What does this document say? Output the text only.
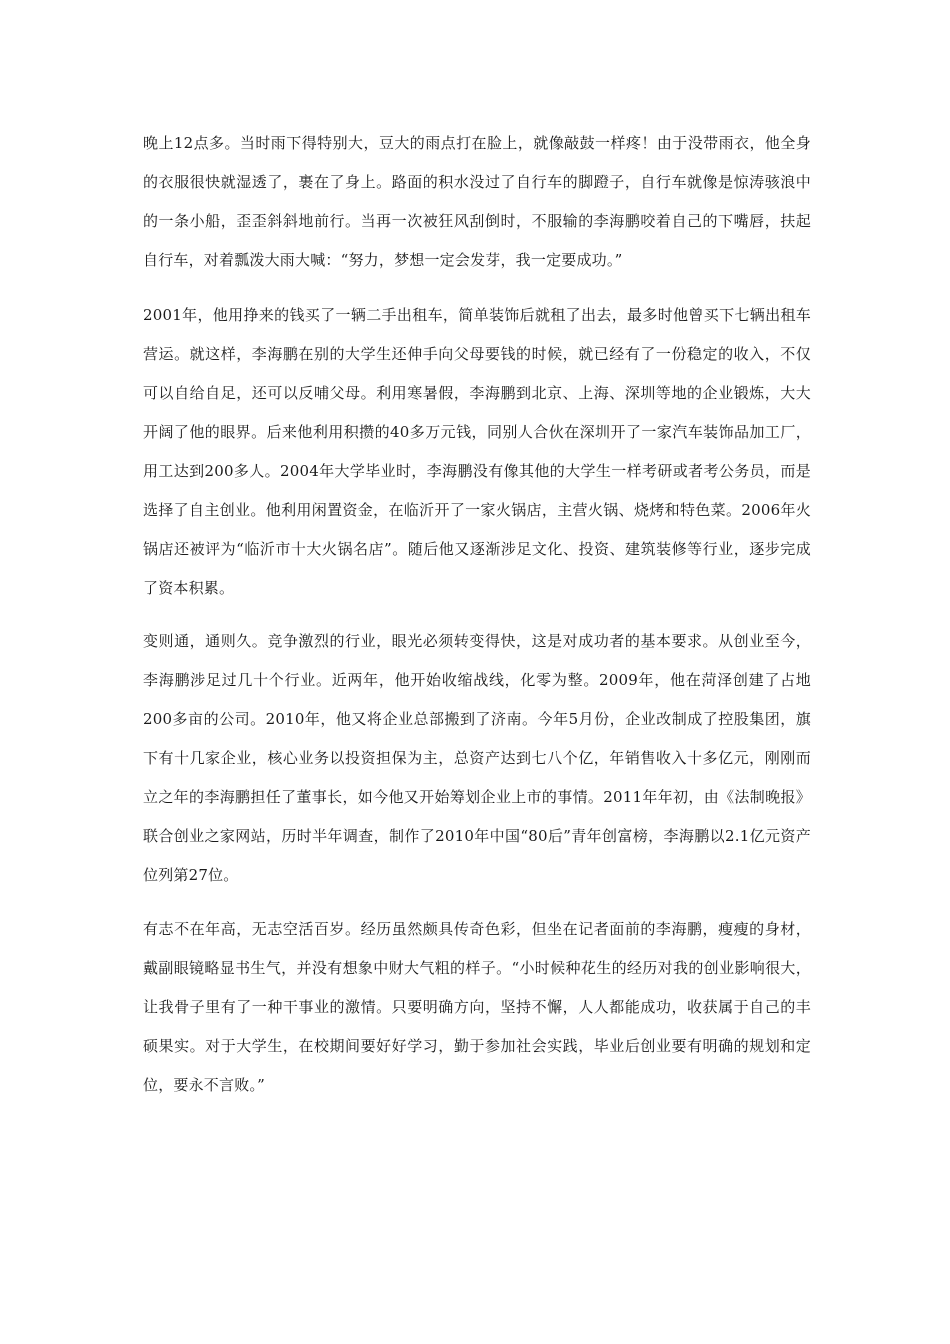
晚上12点多。当时雨下得特别大，豆大的雨点打在脸上，就像敲鼓一样疼！由于没带雨衣，他全身的衣服很快就湿透了，裹在了身上。路面的积水没过了自行车的脚蹬子，自行车就像是惊涛骇浪中的一条小船，歪歪斜斜地前行。当再一次被狂风刮倒时，不服输的李海鹏咬着自己的下嘴唇，扶起自行车，对着瓢泼大雨大喊：“努力，梦想一定会发芽，我一定要成功。”

2001年，他用挣来的钱买了一辆二手出租车，简单装饰后就租了出去，最多时他曾买下七辆出租车营运。就这样，李海鹏在别的大学生还伸手向父母要钱的时候，就已经有了一份稳定的收入，不仅可以自给自足，还可以反哺父母。利用寒暑假，李海鹏到北京、上海、深圳等地的企业锻炼，大大开阔了他的眼界。后来他利用积攒的40多万元钱，同别人合伙在深圳开了一家汽车装饰品加工厂，用工达到200多人。2004年大学毕业时，李海鹏没有像其他的大学生一样考研或者考公务员，而是选择了自主创业。他利用闲置资金，在临沂开了一家火锅店，主营火锅、烧烤和特色菜。2006年火锅店还被评为“临沂市十大火锅名店”。随后他又逐渐涉足文化、投资、建筑装修等行业，逐步完成了资本积累。

变则通，通则久。竞争激烈的行业，眼光必须转变得快，这是对成功者的基本要求。从创业至今，李海鹏涉足过几十个行业。近两年，他开始收缩战线，化零为整。2009年，他在菏泽创建了占地200多亩的公司。2010年，他又将企业总部搬到了济南。今年5月份，企业改制成了控股集团，旗下有十几家企业，核心业务以投资担保为主，总资产达到七八个亿，年销售收入十多亿元，刚刚而立之年的李海鹏担任了董事长，如今他又开始筹划企业上市的事情。2011年年初，由《法制晚报》联合创业之家网站，历时半年调查，制作了2010年中国“80后”青年创富榜，李海鹏以2.1亿元资产位列第27位。

有志不在年高，无志空活百岁。经历虽然颇具传奇色彩，但坐在记者面前的李海鹏，瘦瘦的身材，戴副眼镜略显书生气，并没有想象中财大气粗的样子。“小时候种花生的经历对我的创业影响很大，让我骨子里有了一种干事业的激情。只要明确方向，坚持不懈，人人都能成功，收获属于自己的丰硕果实。对于大学生，在校期间要好好学习，勤于参加社会实践，毕业后创业要有明确的规划和定位，要永不言败。”
